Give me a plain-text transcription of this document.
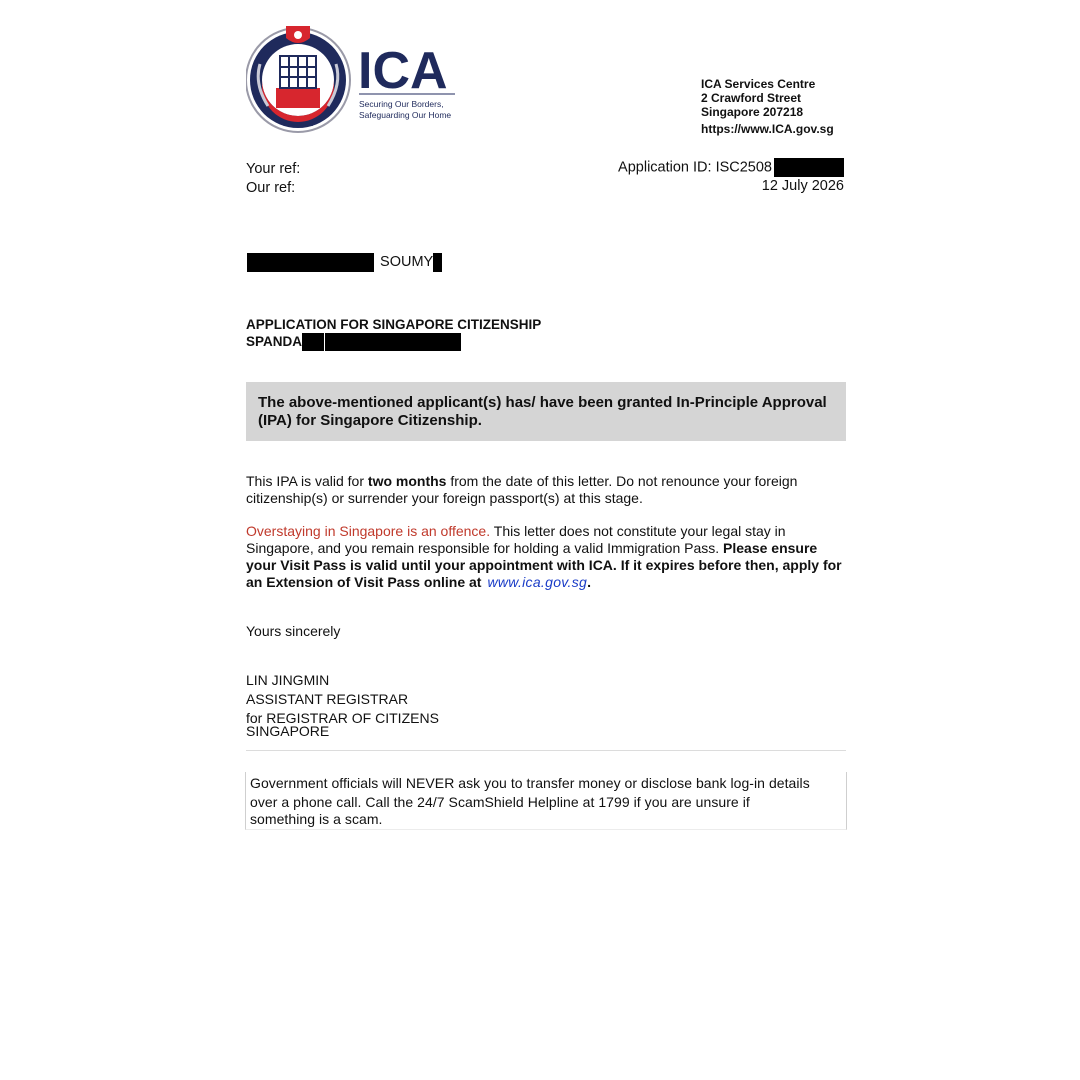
SINGAPORE
ICA
Securing Our Borders,
Safeguarding Our Home
ICA Services Centre
2 Crawford Street
Singapore 207218
https://www.ICA.gov.sg
Your ref:
Our ref:
Application ID: ISC2508
12 July 2026
SOUMY
APPLICATION FOR SINGAPORE CITIZENSHIP
SPANDA
The above-mentioned applicant(s) has/ have been granted In-Principle Approval (IPA) for Singapore Citizenship.
This IPA is valid for two months from the date of this letter. Do not renounce your foreign citizenship(s) or surrender your foreign passport(s) at this stage.
Overstaying in Singapore is an offence. This letter does not constitute your legal stay in Singapore, and you remain responsible for holding a valid Immigration Pass. Please ensure your Visit Pass is valid until your appointment with ICA. If it expires before then, apply for an Extension of Visit Pass online at www.ica.gov.sg.
Yours sincerely
LIN JINGMIN
ASSISTANT REGISTRAR
for REGISTRAR OF CITIZENS
SINGAPORE
Government officials will NEVER ask you to transfer money or disclose bank log-in details
over a phone call. Call the 24/7 ScamShield Helpline at 1799 if you are unsure if
something is a scam.
